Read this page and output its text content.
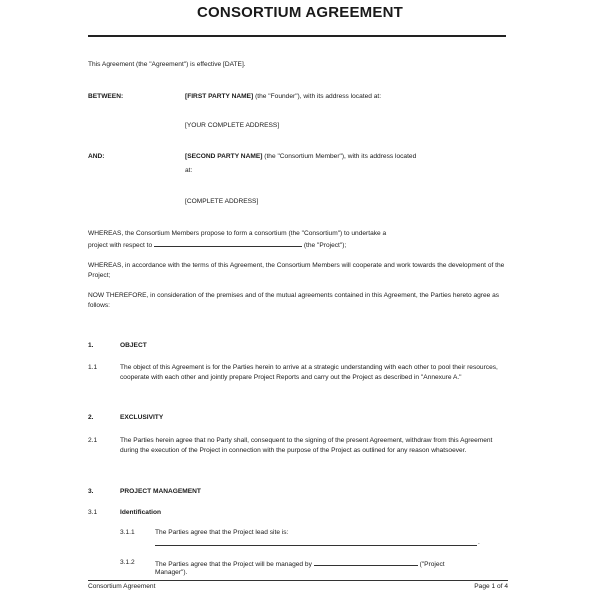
CONSORTIUM AGREEMENT
This Agreement (the "Agreement") is effective [DATE].
BETWEEN:	[FIRST PARTY NAME] (the "Founder"), with its address located at:
[YOUR COMPLETE ADDRESS]
AND:	[SECOND PARTY NAME] (the "Consortium Member"), with its address located
at:
[COMPLETE ADDRESS]
WHEREAS, the Consortium Members propose to form a consortium (the "Consortium") to undertake a
project with respect to	(the "Project");
WHEREAS, in accordance with the terms of this Agreement, the Consortium Members will cooperate and work towards the development of the Project;
NOW THEREFORE, in consideration of the premises and of the mutual agreements contained in this Agreement, the Parties hereto agree as follows:
1.	OBJECT
1.1	The object of this Agreement is for the Parties herein to arrive at a strategic understanding with each other to pool their resources, cooperate with each other and jointly prepare Project Reports and carry out the Project as described in "Annexure A."
2.	EXCLUSIVITY
2.1	The Parties herein agree that no Party shall, consequent to the signing of the present Agreement, withdraw from this Agreement during the execution of the Project in connection with the purpose of the Project as outlined for any reason whatsoever.
3.	PROJECT MANAGEMENT
3.1	Identification
3.1.1	The Parties agree that the Project lead site is:
.
3.1.2	The Parties agree that the Project will be managed by	("Project
Manager").
Consortium Agreement	Page 1 of 4
